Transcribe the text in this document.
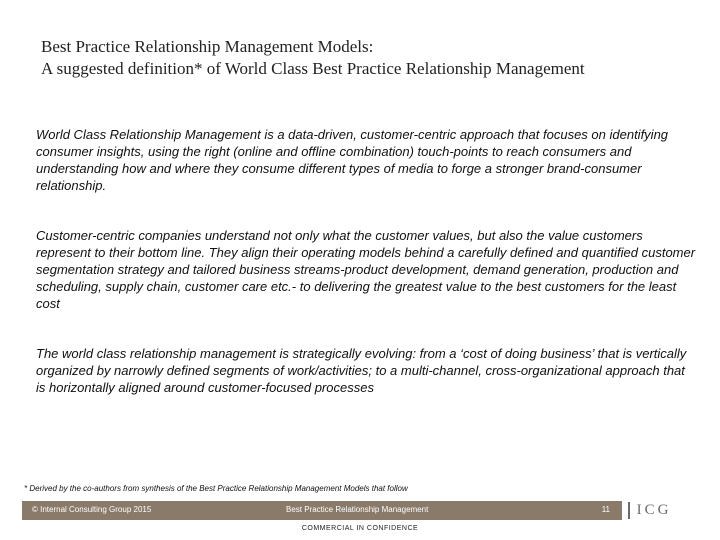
Best Practice Relationship Management Models:
A suggested definition* of World Class Best Practice Relationship Management
World Class Relationship Management is a data-driven, customer-centric approach that focuses on identifying consumer insights, using the right (online and offline combination) touch-points to reach consumers and understanding how and where they consume different types of media to forge a stronger brand-consumer relationship.
Customer-centric companies understand not only what the customer values, but also the value customers represent to their bottom line. They align their operating models behind a carefully defined and quantified customer segmentation strategy and tailored business streams-product development, demand generation, production and scheduling, supply chain, customer care etc.- to delivering the greatest value to the best customers for the least cost
The world class relationship management is strategically evolving: from a ‘cost of doing business’ that is vertically organized by narrowly defined segments of work/activities; to a multi-channel, cross-organizational approach that is horizontally aligned around customer-focused processes
* Derived by the co-authors from synthesis of the Best Practice Relationship Management Models that follow
© Internal Consulting Group 2015	Best Practice Relationship Management	11	ICG
COMMERCIAL IN CONFIDENCE
